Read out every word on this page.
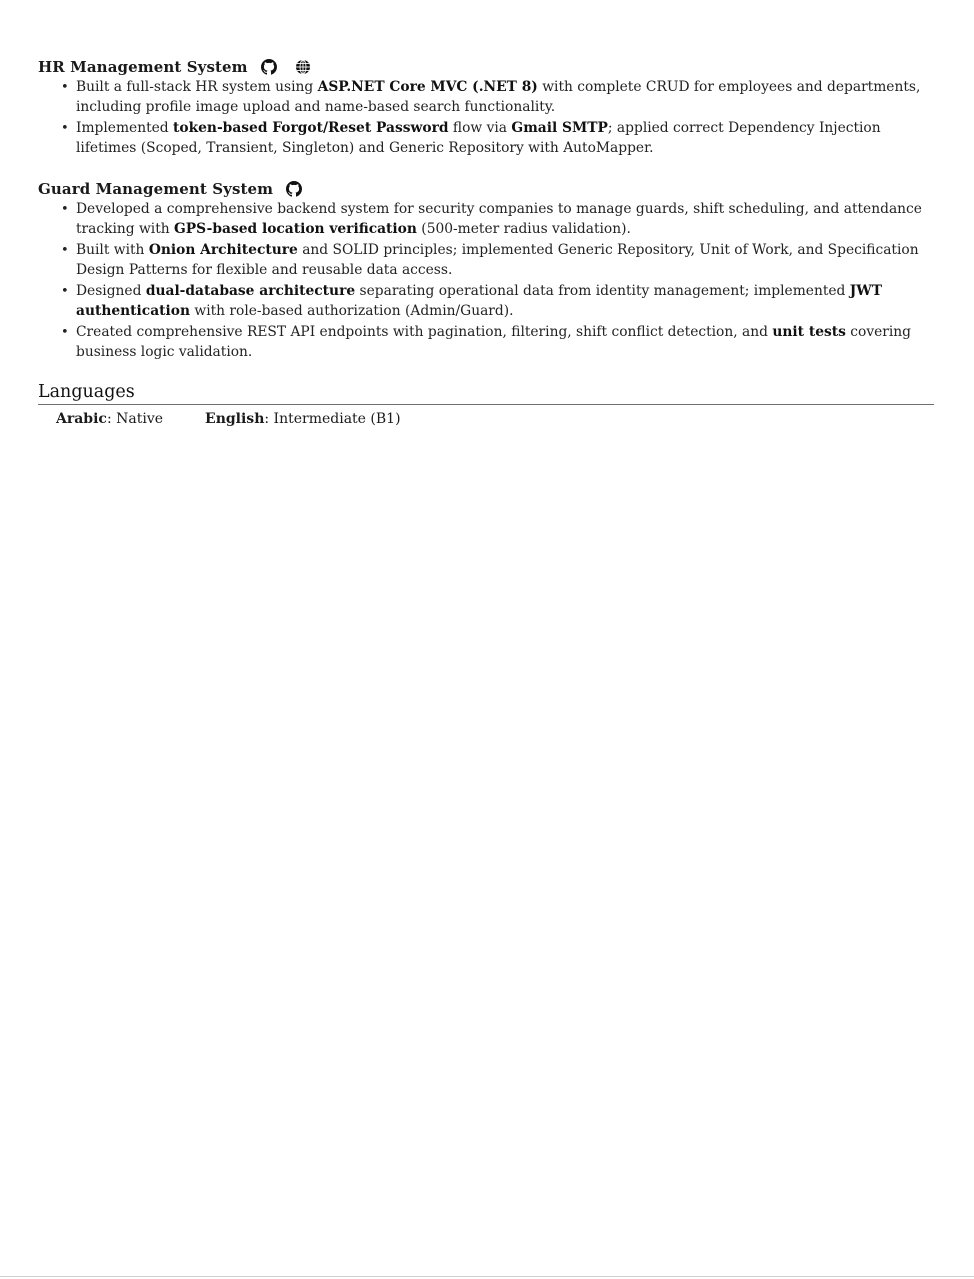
HR Management System
• Built a full-stack HR system using ASP.NET Core MVC (.NET 8) with complete CRUD for employees and departments, including profile image upload and name-based search functionality.
• Implemented token-based Forgot/Reset Password flow via Gmail SMTP; applied correct Dependency Injection lifetimes (Scoped, Transient, Singleton) and Generic Repository with AutoMapper.
Guard Management System
• Developed a comprehensive backend system for security companies to manage guards, shift scheduling, and attendance tracking with GPS-based location verification (500-meter radius validation).
• Built with Onion Architecture and SOLID principles; implemented Generic Repository, Unit of Work, and Specification Design Patterns for flexible and reusable data access.
• Designed dual-database architecture separating operational data from identity management; implemented JWT authentication with role-based authorization (Admin/Guard).
• Created comprehensive REST API endpoints with pagination, filtering, shift conflict detection, and unit tests covering business logic validation.
Languages
Arabic: Native	English: Intermediate (B1)
